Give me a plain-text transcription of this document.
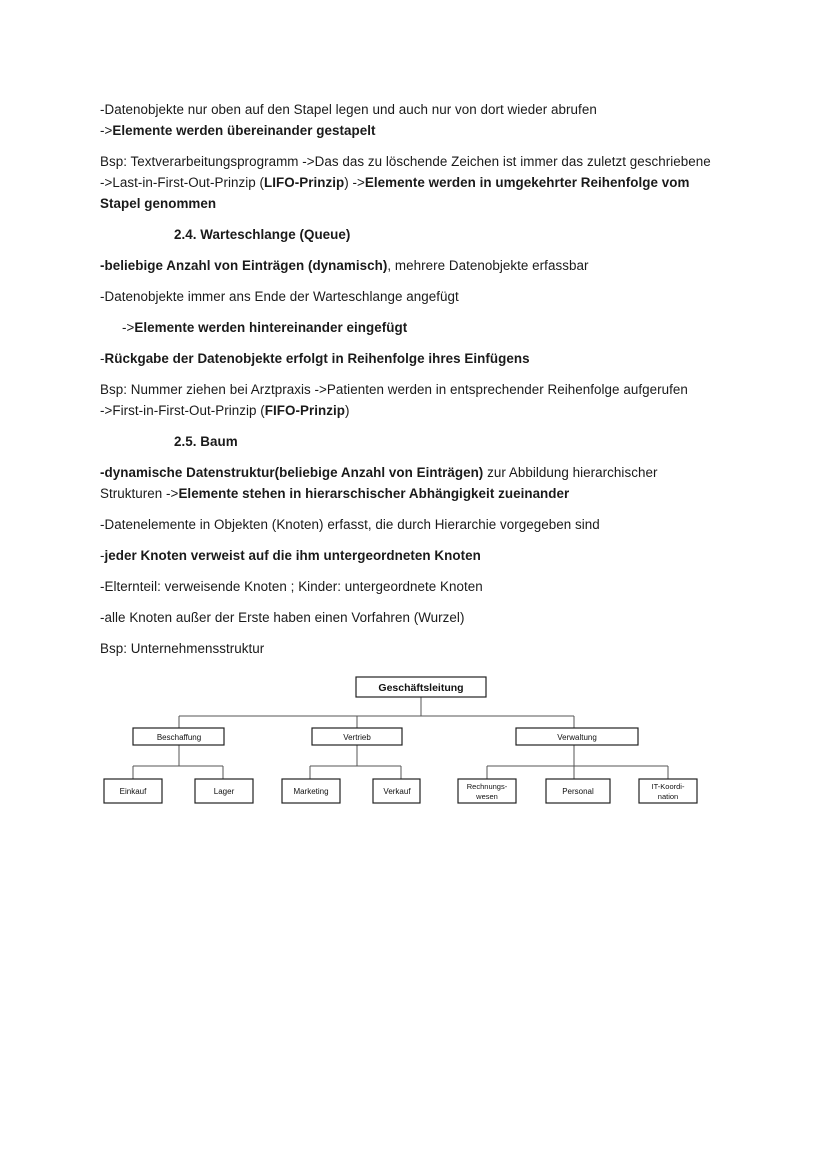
-Datenobjekte nur oben auf den Stapel legen und auch nur von dort wieder abrufen
->Elemente werden übereinander gestapelt
Bsp: Textverarbeitungsprogramm ->Das das zu löschende Zeichen ist immer das zuletzt geschriebene
->Last-in-First-Out-Prinzip (LIFO-Prinzip) ->Elemente werden in umgekehrter Reihenfolge vom
Stapel genommen
2.4. Warteschlange (Queue)
-beliebige Anzahl von Einträgen (dynamisch), mehrere Datenobjekte erfassbar
-Datenobjekte immer ans Ende der Warteschlange angefügt
->Elemente werden hintereinander eingefügt
-Rückgabe der Datenobjekte erfolgt in Reihenfolge ihres Einfügens
Bsp: Nummer ziehen bei Arztpraxis ->Patienten werden in entsprechender Reihenfolge aufgerufen
->First-in-First-Out-Prinzip (FIFO-Prinzip)
2.5. Baum
-dynamische Datenstruktur(beliebige Anzahl von Einträgen) zur Abbildung hierarchischer
Strukturen ->Elemente stehen in hierarschischer Abhängigkeit zueinander
-Datenelemente in Objekten (Knoten) erfasst, die durch Hierarchie vorgegeben sind
-jeder Knoten verweist auf die ihm untergeordneten Knoten
-Elternteil: verweisende Knoten ; Kinder: untergeordnete Knoten
-alle Knoten außer der Erste haben einen Vorfahren (Wurzel)
Bsp: Unternehmensstruktur
Geschäftsleitung
Beschaffung	Vertrieb	Verwaltung
Einkauf	Lager	Marketing	Verkauf
Rechnungs-
wesen
Personal
IT-Koordi-
nation
